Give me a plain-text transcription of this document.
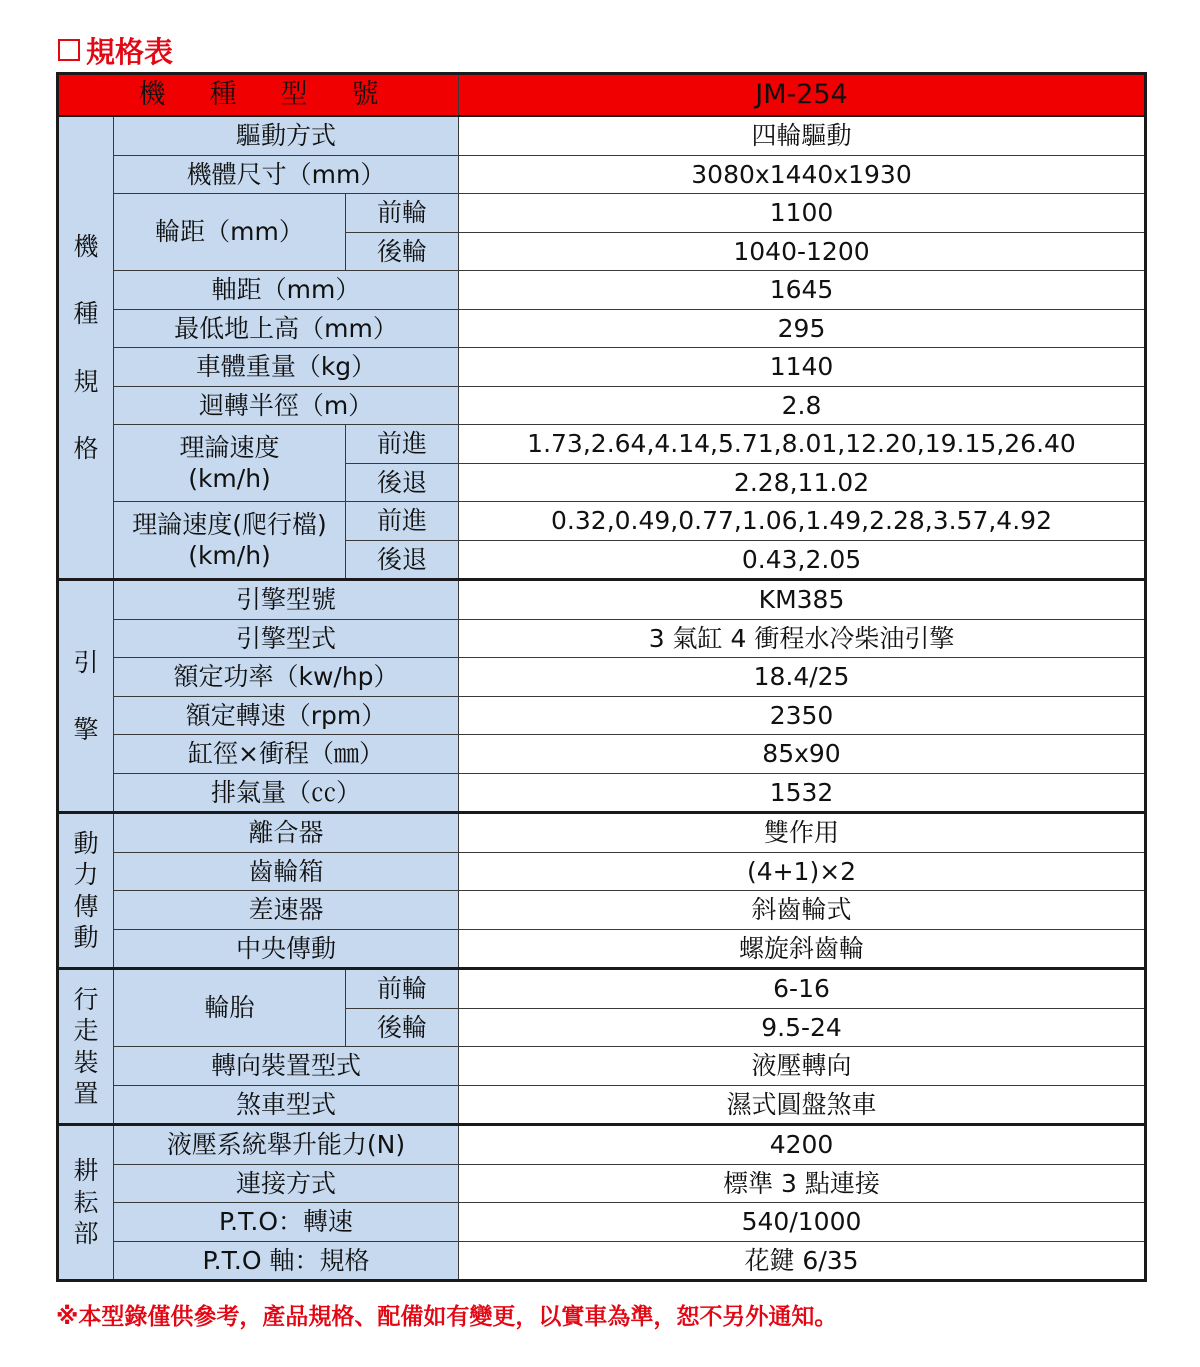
規格表
機 種 型 號			JM-254

機
種
規
格	驅動方式		四輪驅動
	機體尺寸（mm）		3080x1440x1930
	輪距（mm）	前輪	1100
		後輪	1040-1200
	軸距（mm）		1645
	最低地上高（mm）		295
	車體重量（kg）		1140
	迴轉半徑（m）		2.8

	理論速度
(km/h)	前進	1.73,2.64,4.14,5.71,8.01,12.20,19.15,26.40
		後退	2.28,11.02

	理論速度(爬行檔)
(km/h)	前進	0.32,0.49,0.77,1.06,1.49,2.28,3.57,4.92
		後退	0.43,2.05

引
擎	引擎型號		KM385
	引擎型式		3 氣缸 4 衝程水冷柴油引擎
	額定功率（kw/hp）		18.4/25
	額定轉速（rpm）		2350
	缸徑×衝程（㎜）		85x90
	排氣量（㏄）		1532

動
力
傳
動	離合器		雙作用
	齒輪箱		(4+1)×2
	差速器		斜齒輪式
	中央傳動		螺旋斜齒輪

行
走
裝
置	輪胎	前輪	6-16
		後輪	9.5-24
	轉向裝置型式		液壓轉向
	煞車型式		濕式圓盤煞車

耕
耘
部	液壓系統舉升能力(N)		4200
	連接方式		標準 3 點連接
	P.T.O：轉速		540/1000
	P.T.O 軸：規格		花鍵 6/35
※本型錄僅供參考，產品規格、配備如有變更，以實車為準，恕不另外通知。
